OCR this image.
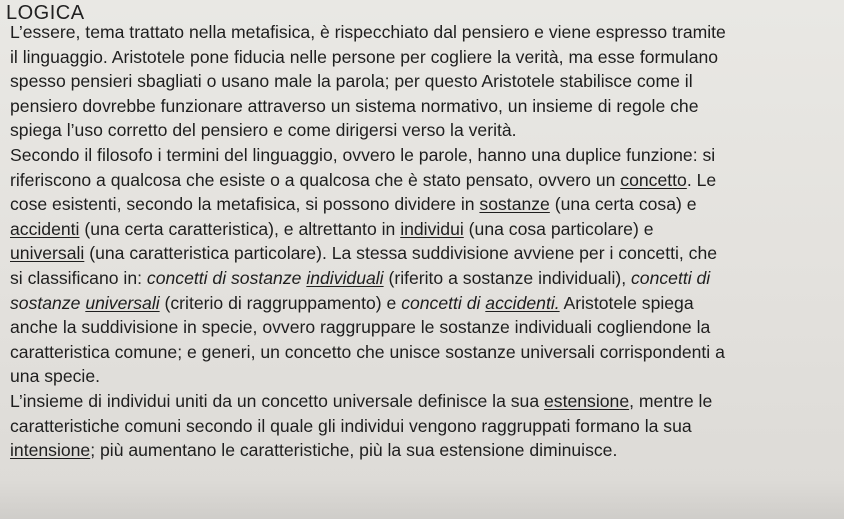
LOGICA
L’essere, tema trattato nella metafisica, è rispecchiato dal pensiero e viene espresso tramite
il linguaggio. Aristotele pone fiducia nelle persone per cogliere la verità, ma esse formulano
spesso pensieri sbagliati o usano male la parola; per questo Aristotele stabilisce come il
pensiero dovrebbe funzionare attraverso un sistema normativo, un insieme di regole che
spiega l’uso corretto del pensiero e come dirigersi verso la verità.
Secondo il filosofo i termini del linguaggio, ovvero le parole, hanno una duplice funzione: si
riferiscono a qualcosa che esiste o a qualcosa che è stato pensato, ovvero un concetto. Le
cose esistenti, secondo la metafisica, si possono dividere in sostanze (una certa cosa) e
accidenti (una certa caratteristica), e altrettanto in individui (una cosa particolare) e
universali (una caratteristica particolare). La stessa suddivisione avviene per i concetti, che
si classificano in: concetti di sostanze individuali (riferito a sostanze individuali), concetti di
sostanze universali (criterio di raggruppamento) e concetti di accidenti. Aristotele spiega
anche la suddivisione in specie, ovvero raggruppare le sostanze individuali cogliendone la
caratteristica comune; e generi, un concetto che unisce sostanze universali corrispondenti a
una specie.
L’insieme di individui uniti da un concetto universale definisce la sua estensione, mentre le
caratteristiche comuni secondo il quale gli individui vengono raggruppati formano la sua
intensione; più aumentano le caratteristiche, più la sua estensione diminuisce.
